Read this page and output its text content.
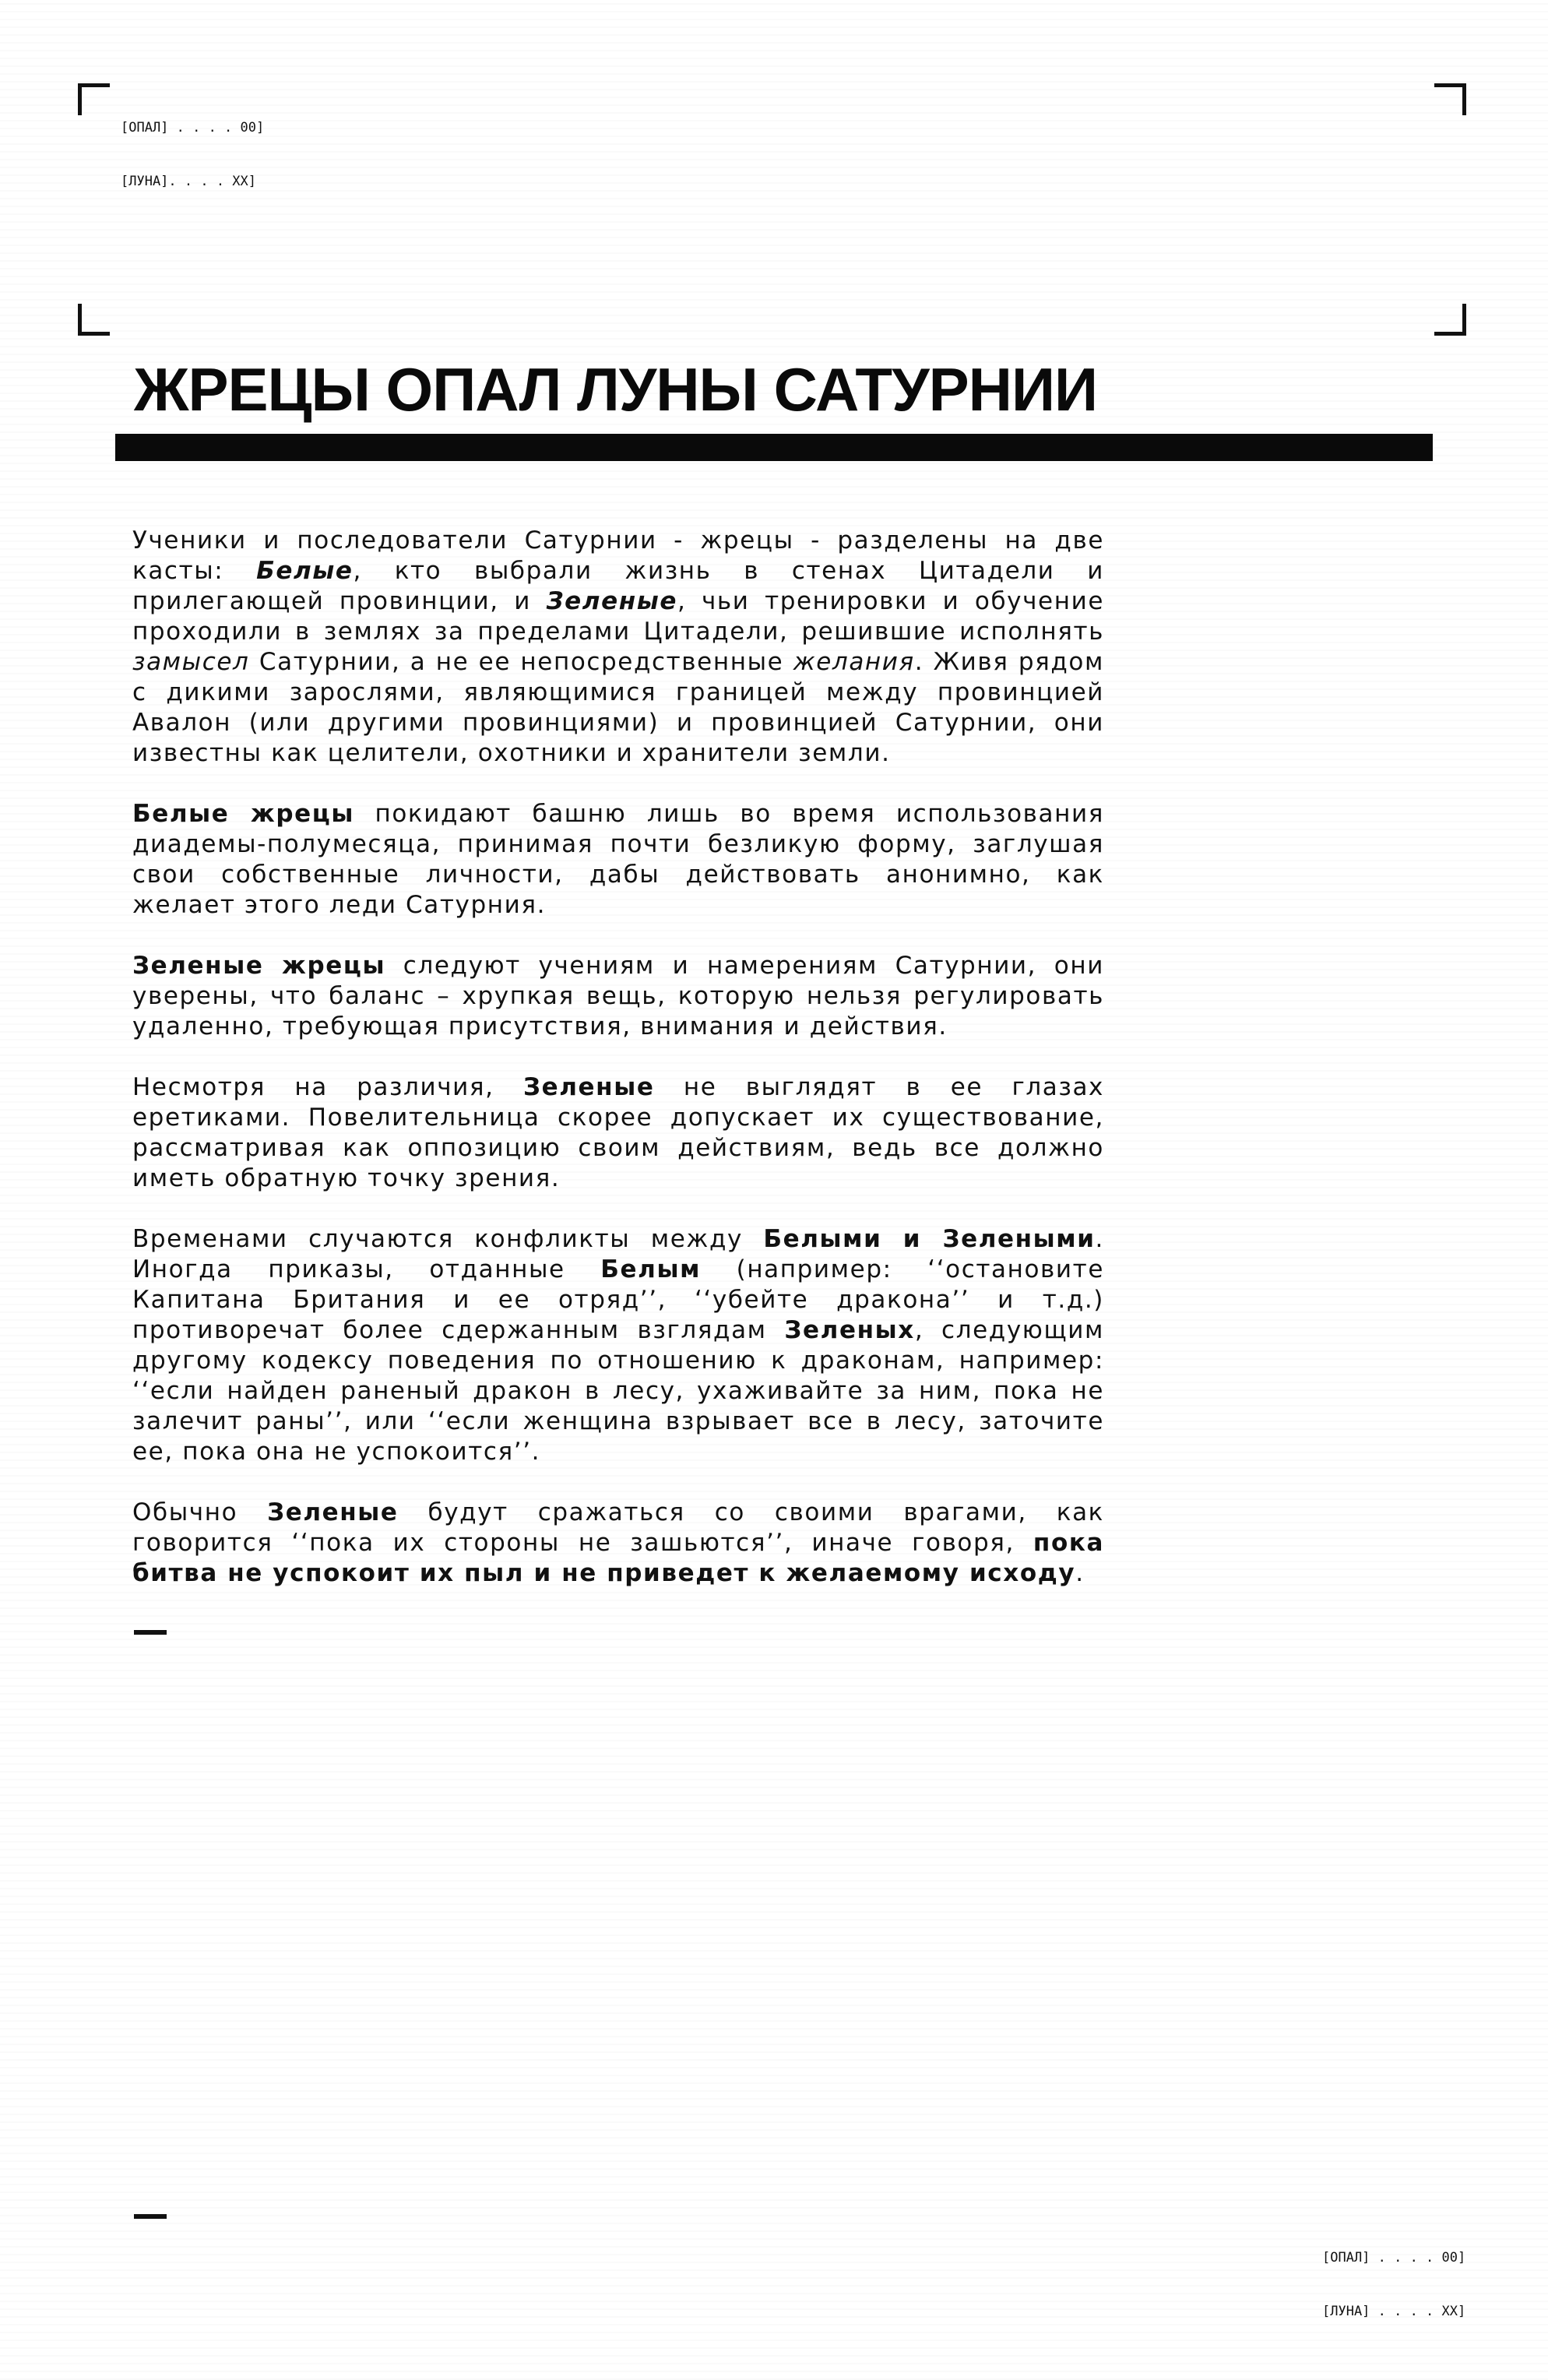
[ОПАЛ] . . . . 00]

[ЛУНА]. . . . XX]

ЖРЕЦЫ ОПАЛ ЛУНЫ САТУРНИИ

Ученики и последователи Сатурнии - жрецы - разделены на две касты: Белые, кто выбрали жизнь в стенах Цитадели и прилегающей провинции, и Зеленые, чьи тренировки и обучение проходили в землях за пределами Цитадели, решившие исполнять замысел Сатурнии, а не ее непосредственные желания. Живя рядом с дикими зарослями, являющимися границей между провинцией Авалон (или другими провинциями) и провинцией Сатурнии, они известны как целители, охотники и хранители земли.

Белые жрецы покидают башню лишь во время использования диадемы-полумесяца, принимая почти безликую форму, заглушая свои собственные личности, дабы действовать анонимно, как желает этого леди Сатурния.

Зеленые жрецы следуют учениям и намерениям Сатурнии, они уверены, что баланс – хрупкая вещь, которую нельзя регулировать удаленно, требующая присутствия, внимания и действия.

Несмотря на различия, Зеленые не выглядят в ее глазах еретиками. Повелительница скорее допускает их существование, рассматривая как оппозицию своим действиям, ведь все должно иметь обратную точку зрения.

Временами случаются конфликты между Белыми и Зелеными. Иногда приказы, отданные Белым (например: ‘‘остановите Капитана Британия и ее отряд’’, ‘‘убейте дракона’’ и т.д.) противоречат более сдержанным взглядам Зеленых, следующим другому кодексу поведения по отношению к драконам, например: ‘‘если найден раненый дракон в лесу, ухаживайте за ним, пока не залечит раны’’, или ‘‘если женщина взрывает все в лесу, заточите ее, пока она не успокоится’’.

Обычно Зеленые будут сражаться со своими врагами, как говорится ‘‘пока их стороны не зашьются’’, иначе говоря, пока битва не успокоит их пыл и не приведет к желаемому исходу.

[ОПАЛ] . . . . 00]

[ЛУНА] . . . . XX]
